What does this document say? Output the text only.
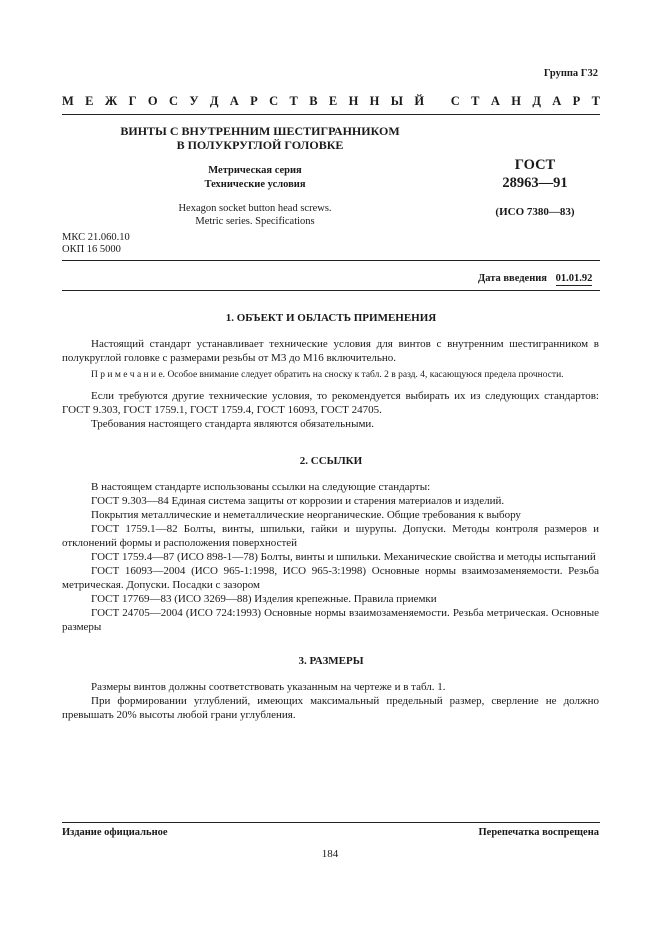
Группа Г32
М Е Ж Г О С У Д А Р С Т В Е Н Н Ы Й С Т А Н Д А Р Т
ВИНТЫ С ВНУТРЕННИМ ШЕСТИГРАННИКОМ
В ПОЛУКРУГЛОЙ ГОЛОВКЕ
Метрическая серия
Технические условия
Hexagon socket button head screws.
Metric series. Specifications
ГОСТ
28963—91
(ИСО 7380—83)
МКС 21.060.10
ОКП 16 5000
Дата введения 01.01.92
1. ОБЪЕКТ И ОБЛАСТЬ ПРИМЕНЕНИЯ

Настоящий стандарт устанавливает технические условия для винтов с внутренним шестигранником в полукруглой головке с размерами резьбы от М3 до М16 включительно.

П р и м е ч а н и е. Особое внимание следует обратить на сноску к табл. 2 в разд. 4, касающуюся предела прочности.

Если требуются другие технические условия, то рекомендуется выбирать их из следующих стандартов: ГОСТ 9.303, ГОСТ 1759.1, ГОСТ 1759.4, ГОСТ 16093, ГОСТ 24705.

Требования настоящего стандарта являются обязательными.

2. ССЫЛКИ

В настоящем стандарте использованы ссылки на следующие стандарты:

ГОСТ 9.303—84 Единая система защиты от коррозии и старения материалов и изделий.

Покрытия металлические и неметаллические неорганические. Общие требования к выбору

ГОСТ 1759.1—82 Болты, винты, шпильки, гайки и шурупы. Допуски. Методы контроля размеров и отклонений формы и расположения поверхностей

ГОСТ 1759.4—87 (ИСО 898-1—78) Болты, винты и шпильки. Механические свойства и методы испытаний

ГОСТ 16093—2004 (ИСО 965-1:1998, ИСО 965-3:1998) Основные нормы взаимозаменяемости. Резьба метрическая. Допуски. Посадки с зазором

ГОСТ 17769—83 (ИСО 3269—88) Изделия крепежные. Правила приемки

ГОСТ 24705—2004 (ИСО 724:1993) Основные нормы взаимозаменяемости. Резьба метрическая. Основные размеры

3. РАЗМЕРЫ

Размеры винтов должны соответствовать указанным на чертеже и в табл. 1.

При формировании углублений, имеющих максимальный предельный размер, сверление не должно превышать 20% высоты любой грани углубления.

Издание официальное	Перепечатка воспрещена
184
